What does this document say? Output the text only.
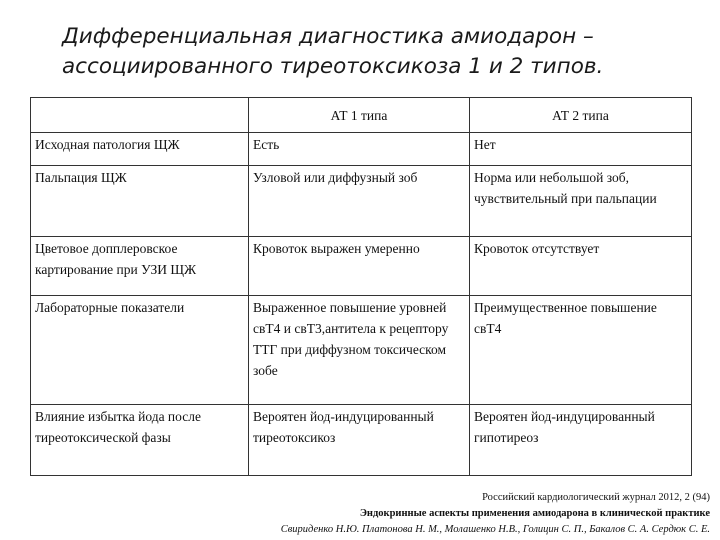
Дифференциальная диагностика амиодарон –
ассоциированного тиреотоксикоза 1 и 2 типов.
	АТ 1 типа	АТ 2 типа
Исходная патология ЩЖ	Есть	Нет
Пальпация ЩЖ	Узловой или диффузный зоб	Норма или небольшой зоб, чувствительный при пальпации
Цветовое допплеровское картирование при УЗИ ЩЖ	Кровоток выражен умеренно	Кровоток отсутствует
Лабораторные показатели	Выраженное повышение уровней свТ4 и свТ3,антитела к рецептору ТТГ при диффузном токсическом зобе	Преимущественное повышение свТ4
Влияние избытка йода после тиреотоксической фазы	Вероятен йод-индуцированный тиреотоксикоз	Вероятен йод-индуцированный гипотиреоз
Российский кардиологический журнал 2012, 2 (94)
Эндокринные аспекты применения амиодарона в клинической практике
Свириденко Н.Ю. Платонова Н. М., Молашенко Н.В., Голицин С. П., Бакалов С. А. Сердюк С. Е.
